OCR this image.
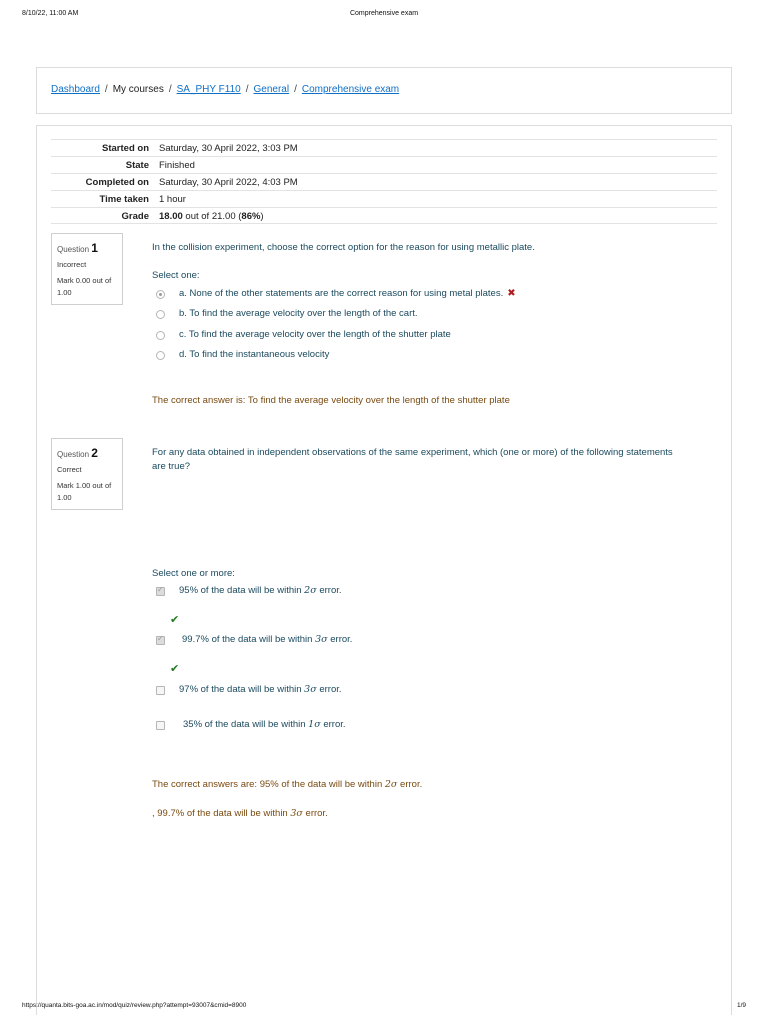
8/10/22, 11:00 AM	Comprehensive exam
Dashboard / My courses / SA_PHY F110 / General / Comprehensive exam
Started on Saturday, 30 April 2022, 3:03 PM
State Finished
Completed on Saturday, 30 April 2022, 4:03 PM
Time taken 1 hour
Grade 18.00 out of 21.00 (86%)
Question 1
Incorrect
Mark 0.00 out of 1.00
In the collision experiment, choose the correct option for the reason for using metallic plate.
Select one:
a. None of the other statements are the correct reason for using metal plates. ✖
b. To find the average velocity over the length of the cart.
c. To find the average velocity over the length of the shutter plate
d. To find the instantaneous velocity
The correct answer is: To find the average velocity over the length of the shutter plate
Question 2
Correct
Mark 1.00 out of 1.00
For any data obtained in independent observations of the same experiment, which (one or more) of the following statements are true?
Select one or more:
✓
95% of the data will be within 2σ error.
✔
✓
99.7% of the data will be within 3σ error.
✔
97% of the data will be within 3σ error.
35% of the data will be within 1σ error.
The correct answers are: 95% of the data will be within 2σ error.
, 99.7% of the data will be within 3σ error.
https://quanta.bits-goa.ac.in/mod/quiz/review.php?attempt=93007&cmid=8900	1/9
